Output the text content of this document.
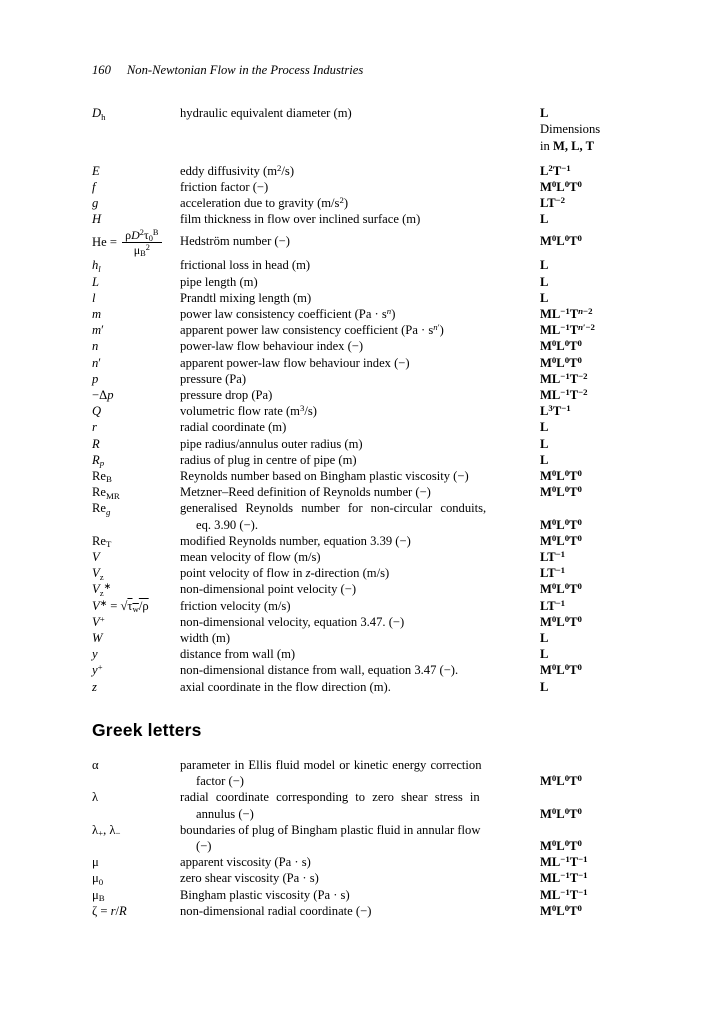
160 Non-Newtonian Flow in the Process Industries
$D_h$	hydraulic equivalent diameter (m)	L
Dimensions
in M, L, T
E	eddy diffusivity $(m^2/s)$	$L^2T^{-1}$
f	friction factor (−)	$M^0L^0T^0$
g	acceleration due to gravity $(m/s^2)$	$LT^{-2}$
H	film thickness in flow over inclined surface (m)	L
$He = \frac{\rho D^2\tau_0^B}{\mu_B^2}$ Hedström number (−)	$M^0L^0T^0$
$h_l$	frictional loss in head (m)	L
L	pipe length (m)	L
l	Prandtl mixing length (m)	L
m	power law consistency coefficient $(Pa \cdot s^n)$	$ML^{-1}T^{n-2}$
m′	apparent power law consistency coefficient $(Pa \cdot s^{n'})$	$ML^{-1}T^{n'-2}$
n	power-law flow behaviour index (−)	$M^0L^0T^0$
n′	apparent power-law flow behaviour index (−)	$M^0L^0T^0$
p	pressure (Pa)	$ML^{-1}T^{-2}$
−Δp	pressure drop (Pa)	$ML^{-1}T^{-2}$
Q	volumetric flow rate $(m^3/s)$	$L^3T^{-1}$
r	radial coordinate (m)	L
R	pipe radius/annulus outer radius (m)	L
$R_p$	radius of plug in centre of pipe (m)	L
$Re_B$	Reynolds number based on Bingham plastic viscosity (−)	$M^0L^0T^0$
$Re_{MR}$	Metzner–Reed definition of Reynolds number (−)	$M^0L^0T^0$
$Re_g$	generalised Reynolds number for non-circular conduits,
eq. 3.90 (−).	$M^0L^0T^0$
$Re_T$	modified Reynolds number, equation 3.39 (−)	$M^0L^0T^0$
V	mean velocity of flow (m/s)	$LT^{-1}$
$V_z$	point velocity of flow in z-direction (m/s)	$LT^{-1}$
$V_z^∗$	non-dimensional point velocity (−)	$M^0L^0T^0$
$V^∗ = √\tau_w/\rho$	friction velocity (m/s)	$LT^{-1}$
V+	non-dimensional velocity, equation 3.47. (−)	$M^0L^0T^0$
W	width (m)	L
y	distance from wall (m)	L
y+	non-dimensional distance from wall, equation 3.47 (−).	$M^0L^0T^0$
z	axial coordinate in the flow direction (m).	L
Greek letters
α	parameter in Ellis fluid model or kinetic energy correction
factor (−)	$M^0L^0T^0$
λ	radial coordinate corresponding to zero shear stress in
annulus (−)	$M^0L^0T^0$
$\lambda_+$, $\lambda_-$	boundaries of plug of Bingham plastic fluid in annular flow
(−)	$M^0L^0T^0$
μ	apparent viscosity (Pa · s)	$ML^{-1}T^{-1}$
$\mu_0$	zero shear viscosity (Pa · s)	$ML^{-1}T^{-1}$
$\mu_B$	Bingham plastic viscosity (Pa · s)	$ML^{-1}T^{-1}$
ζ = r/R	non-dimensional radial coordinate (−)	$M^0L^0T^0$
